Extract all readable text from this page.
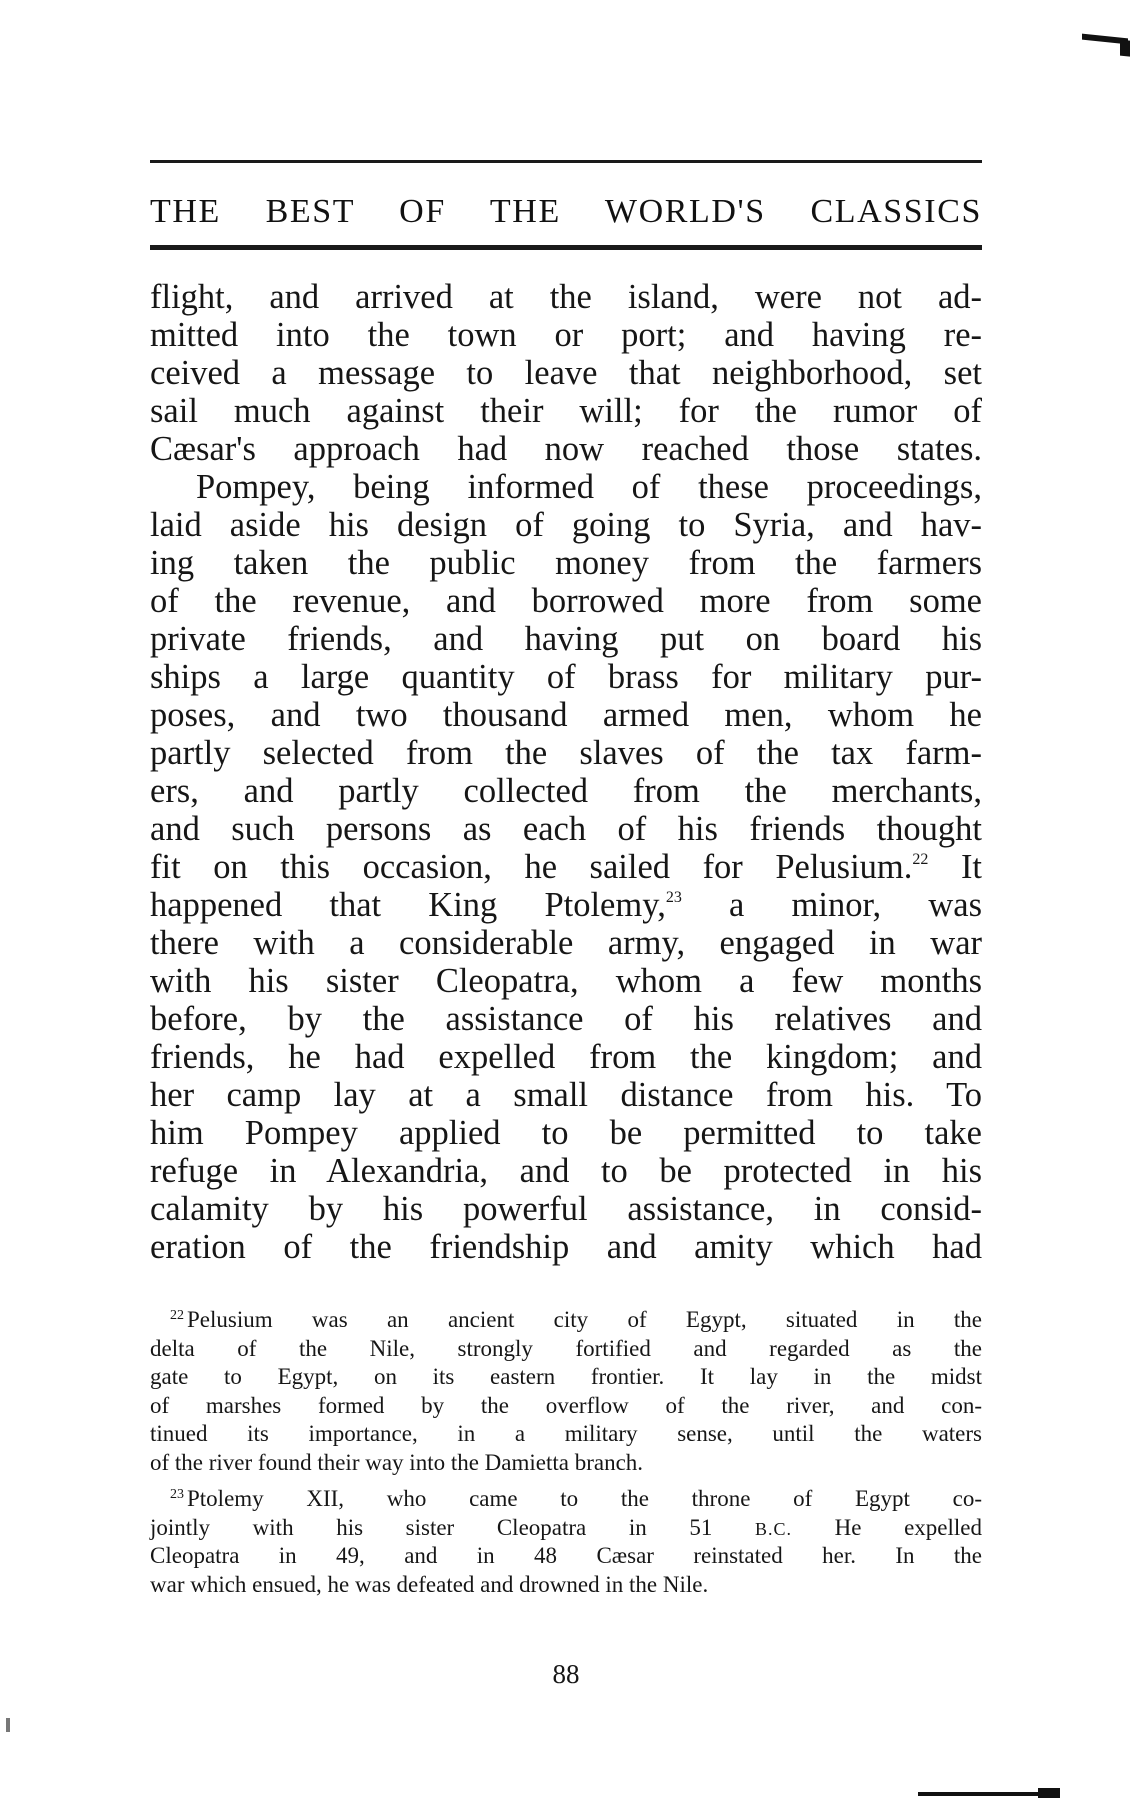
THE BEST OF THE WORLD'S CLASSICS
flight, and arrived at the island, were not ad-
mitted into the town or port; and having re-
ceived a message to leave that neighborhood, set
sail much against their will; for the rumor of
Cæsar's approach had now reached those states.
Pompey, being informed of these proceedings,
laid aside his design of going to Syria, and hav-
ing taken the public money from the farmers
of the revenue, and borrowed more from some
private friends, and having put on board his
ships a large quantity of brass for military pur-
poses, and two thousand armed men, whom he
partly selected from the slaves of the tax farm-
ers, and partly collected from the merchants,
and such persons as each of his friends thought
fit on this occasion, he sailed for Pelusium.$^{22}$ It
happened that King Ptolemy,$^{23}$ a minor, was
there with a considerable army, engaged in war
with his sister Cleopatra, whom a few months
before, by the assistance of his relatives and
friends, he had expelled from the kingdom; and
her camp lay at a small distance from his. To
him Pompey applied to be permitted to take
refuge in Alexandria, and to be protected in his
calamity by his powerful assistance, in consid-
eration of the friendship and amity which had
$^{22}$ Pelusium was an ancient city of Egypt, situated in the
delta of the Nile, strongly fortified and regarded as the
gate to Egypt, on its eastern frontier. It lay in the midst
of marshes formed by the overflow of the river, and con-
tinued its importance, in a military sense, until the waters
of the river found their way into the Damietta branch.
$^{23}$ Ptolemy XII, who came to the throne of Egypt co-
jointly with his sister Cleopatra in 51 B.C. He expelled
Cleopatra in 49, and in 48 Cæsar reinstated her. In the
war which ensued, he was defeated and drowned in the Nile.
88
